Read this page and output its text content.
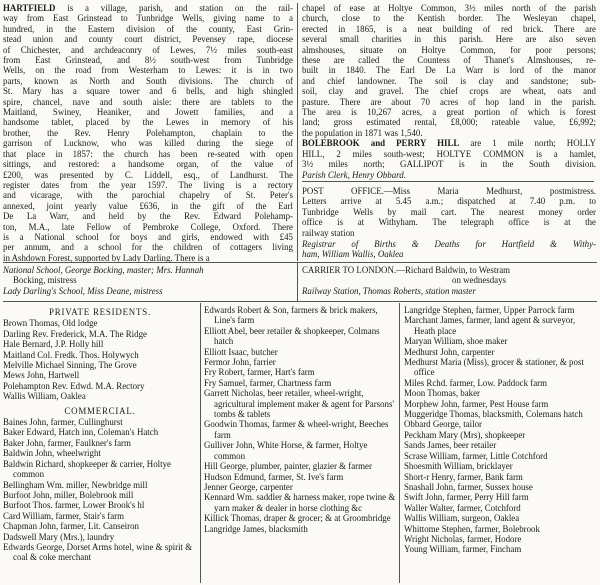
HARTFIELD is a village, parish, and station on the rail-
way from East Grinstead to Tunbridge Wells, giving name to a
hundred, in the Eastern division of the county, East Grin-
stead union and county court district, Pevensey rape, diocese
of Chichester, and archdeaconry of Lewes, 7½ miles south-east
from East Grinstead, and 8½ south-west from Tunbridge
Wells, on the road from Westerham to Lewes: it is in two
parts, known as North and South divisions. The church of
St. Mary has a square tower and 6 bells, and high shingled
spire, chancel, nave and south aisle: there are tablets to the
Maitland, Swiney, Heaniker, and Jowett families, and a
handsome tablet, placed by the Lewes in memory of his
brother, the Rev. Henry Polehampton, chaplain to the
garrison of Lucknow, who was killed during the siege of
that place in 1857: the church has been re-seated with open
sittings, and restored: a handsome organ, of the value of
£200, was presented by C. Liddell, esq., of Landhurst. The
register dates from the year 1597. The living is a rectory
and vicarage, with the parochial chapelry of St. Peter's
annexed, joint yearly value £636, in the gift of the Earl
De La Warr, and held by the Rev. Edward Polehamp-
ton, M.A., late Fellow of Pembroke College, Oxford. There
is a National school for boys and girls, endowed with £45
per annum, and a school for the children of cottagers living
in Ashdown Forest, supported by Lady Darling. There is a
chapel of ease at Holtye Common, 3½ miles north of the parish
church, close to the Kentish border. The Wesleyan chapel,
erected in 1865, is a neat building of red brick. There are
several small charities in this parish. Here are also seven
almshouses, situate on Holtye Common, for poor persons;
these are called the Countess of Thanet's Almshouses, re-
built in 1840. The Earl De La Warr is lord of the manor
and chief landowner. The soil is clay and sandstone; sub-
soil, clay and gravel. The chief crops are wheat, oats and
pasture. There are about 70 acres of hop land in the parish.
The area is 10,267 acres, a great portion of which is forest
land; gross estimated rental, £8,000; rateable value, £6,992;
the population in 1871 was 1,540.
BOLEBROOK and PERRY HILL are 1 mile north; HOLLY
HILL, 2 miles south-west; HOLTYE COMMON is a hamlet,
3½ miles north; GALLIPOT is in the South division.
Parish Clerk, Henry Obbard.
POST OFFICE.—Miss Maria Medhurst, postmistress.
Letters arrive at 5.45 a.m.; dispatched at 7.40 p.m. to
Tunbridge Wells by mail cart. The nearest money order
office is at Withyham. The telegraph office is at the
railway station
Registrar of Births & Deaths for Hartfield & Withy-
ham, William Wallis, Oaklea
National School, George Bocking, master; Mrs. Hannah
Bocking, mistress
Lady Darling's School, Miss Deane, mistress
CARRIER TO LONDON.—Richard Baldwin, to Westram
on wednesdays
Railway Station, Thomas Roberts, station master
PRIVATE RESIDENTS.
Brown Thomas, Old lodge
Darling Rev. Frederick, M.A. The Ridge
Hale Bernard, J.P. Holly hill
Maitland Col. Fredk. Thos. Holywych
Melville Michael Sinning, The Grove
Mews John, Hartwell
Polehampton Rev. Edwd. M.A. Rectory
Wallis William, Oaklea
COMMERCIAL.
Baines John, farmer, Cullinghurst
Baker Edward, Hatch inn, Coleman's Hatch
Baker John, farmer, Faulkner's farm
Baldwin John, wheelwright
Baldwin Richard, shopkeeper & carrier, Holtye common
Bellingham Wm. miller, Newbridge mill
Burfoot John, miller, Bolebrook mill
Burfoot Thos. farmer, Lower Brook's hl
Card William, farmer, Stair's farm
Chapman John, farmer, Lit. Canseiron
Dadswell Mary (Mrs.), laundry
Edwards George, Dorset Arms hotel, wine & spirit & coal & coke merchant
Edwards Robert & Son, farmers & brick makers, Line's farm
Elliott Abel, beer retailer & shopkeeper, Colmans hatch
Elliott Isaac, butcher
Fermor John, farrier
Fry Robert, farmer, Hart's farm
Fry Samuel, farmer, Chartness farm
Garrett Nicholas, beer retailer, wheel-wright, agricultural implement maker & agent for Parsons' tombs & tablets
Goodwin Thomas, farmer & wheel-wright, Beeches farm
Gulliver John, White Horse, & farmer, Holtye common
Hill George, plumber, painter, glazier & farmer
Hudson Edmund, farmer, St. Ive's farm
Jenner George, carpenter
Kennard Wm. saddler & harness maker, rope twine & yarn maker & dealer in horse clothing &c
Killick Thomas, draper & grocer; & at Groombridge
Langridge James, blacksmith
Langridge Stephen, farmer, Upper Parrock farm
Marchant James, farmer, land agent & surveyor, Heath place
Maryan William, shoe maker
Medhurst John, carpenter
Medhurst Maria (Miss), grocer & stationer, & post office
Miles Rchd. farmer, Low. Paddock farm
Moon Thomas, baker
Morphew John, farmer, Pest House farm
Muggeridge Thomas, blacksmith, Colemans hatch
Obbard George, tailor
Peckham Mary (Mrs), shopkeeper
Sands James, beer retailer
Scrase William, farmer, Little Cotchford
Shoesmith William, bricklayer
Short-r Henry, farmer, Bank farm
Snashall John, farmer, Sussex house
Swift John, farmer, Perry Hill farm
Waller Walter, farmer, Cotchford
Wallis William, surgeon, Oaklea
Whittome Stephen, farmer, Bolebrook
Wright Nicholas, farmer, Hodore
Young William, farmer, Fincham
